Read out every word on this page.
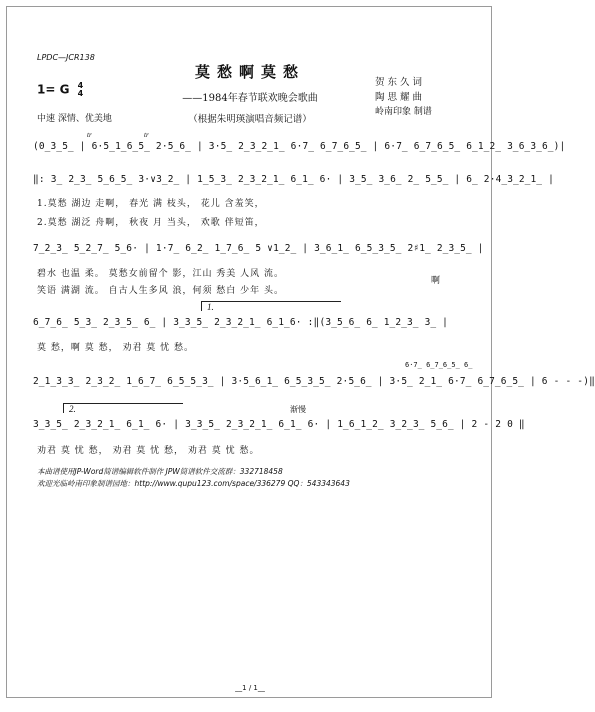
LPDC—JCR138
莫愁啊莫愁
——1984年春节联欢晚会歌曲
（根据朱明瑛演唱音频记谱）
1= G 4
4
中速 深情、优美地
贺 东 久 词
陶 思 耀 曲
岭南印象 制谱
tr	tr
(0̲3̲5̲ | 6·5̲1̲6̲5̲ 2·5̲6̲ | 3·5̲ 2̲3̲2̲1̲ 6·7̲ 6̲7̲6̲5̲ | 6·7̲ 6̲7̲6̲5̲ 6̲1̲2̲ 3̲6̲3̲6̲)|
‖: 3̲ 2̲3̲ 5̲6̲5̲ 3·∨3̲2̲ | 1̲5̲3̲ 2̲3̲2̲1̲ 6̲1̲ 6· | 3̲5̲ 3̲6̲ 2̲ 5̲5̲ | 6̲ 2·4̲3̲2̲1̲ |
1.莫愁 湖边 走啊， 春光 满 枝头， 花儿 含羞笑，
2.莫愁 湖泛 舟啊， 秋夜 月 当头， 欢歌 伴短笛，
7̲2̲3̲ 5̲2̲7̲ 5̲6· | 1·7̲ 6̲2̲ 1̲7̲6̲ 5 ∨1̲2̲ | 3̲6̲1̲ 6̲5̲3̲5̲ 2♯1̲ 2̲3̲5̲ |
碧水 也温 柔。 莫愁女前留个 影，江山 秀美 人风 流。
笑语 满湖 流。 自古人生多风 浪，何须 愁白 少年 头。
啊
1.
6̲7̲6̲ 5̲3̲ 2̲3̲5̲ 6̲ | 3̲3̲5̲ 2̲3̲2̲1̲ 6̲1̲6· :‖(3̲5̲6̲ 6̲ 1̲2̲3̲ 3̲ |
莫 愁，啊 莫 愁， 劝君 莫 忧 愁。
6·7̲ 6̲7̲6̲5̲ 6̲
2̲1̲3̲3̲ 2̲3̲2̲ 1̲6̲7̲ 6̲5̲5̲3̲ | 3·5̲6̲1̲ 6̲5̲3̲5̲ 2·5̲6̲ | 3·5̲ 2̲1̲ 6·7̲ 6̲7̲6̲5̲ | 6 - - -)‖
2.	渐慢
3̲3̲5̲ 2̲3̲2̲1̲ 6̲1̲ 6· | 3̲3̲5̲ 2̲3̲2̲1̲ 6̲1̲ 6· | 1̲6̲1̲2̲ 3̲2̲3̲ 5̲6̲ | 2 - 2 0 ‖
劝君 莫 忧 愁， 劝君 莫 忧 愁， 劝君 莫 忧 愁。
本曲谱使用JP-Word简谱编辑软件制作 JPW简谱软件交流群：332718458
欢迎光临岭南印象制谱园地：http://www.qupu123.com/space/336279 QQ：543343643
__1 / 1__
